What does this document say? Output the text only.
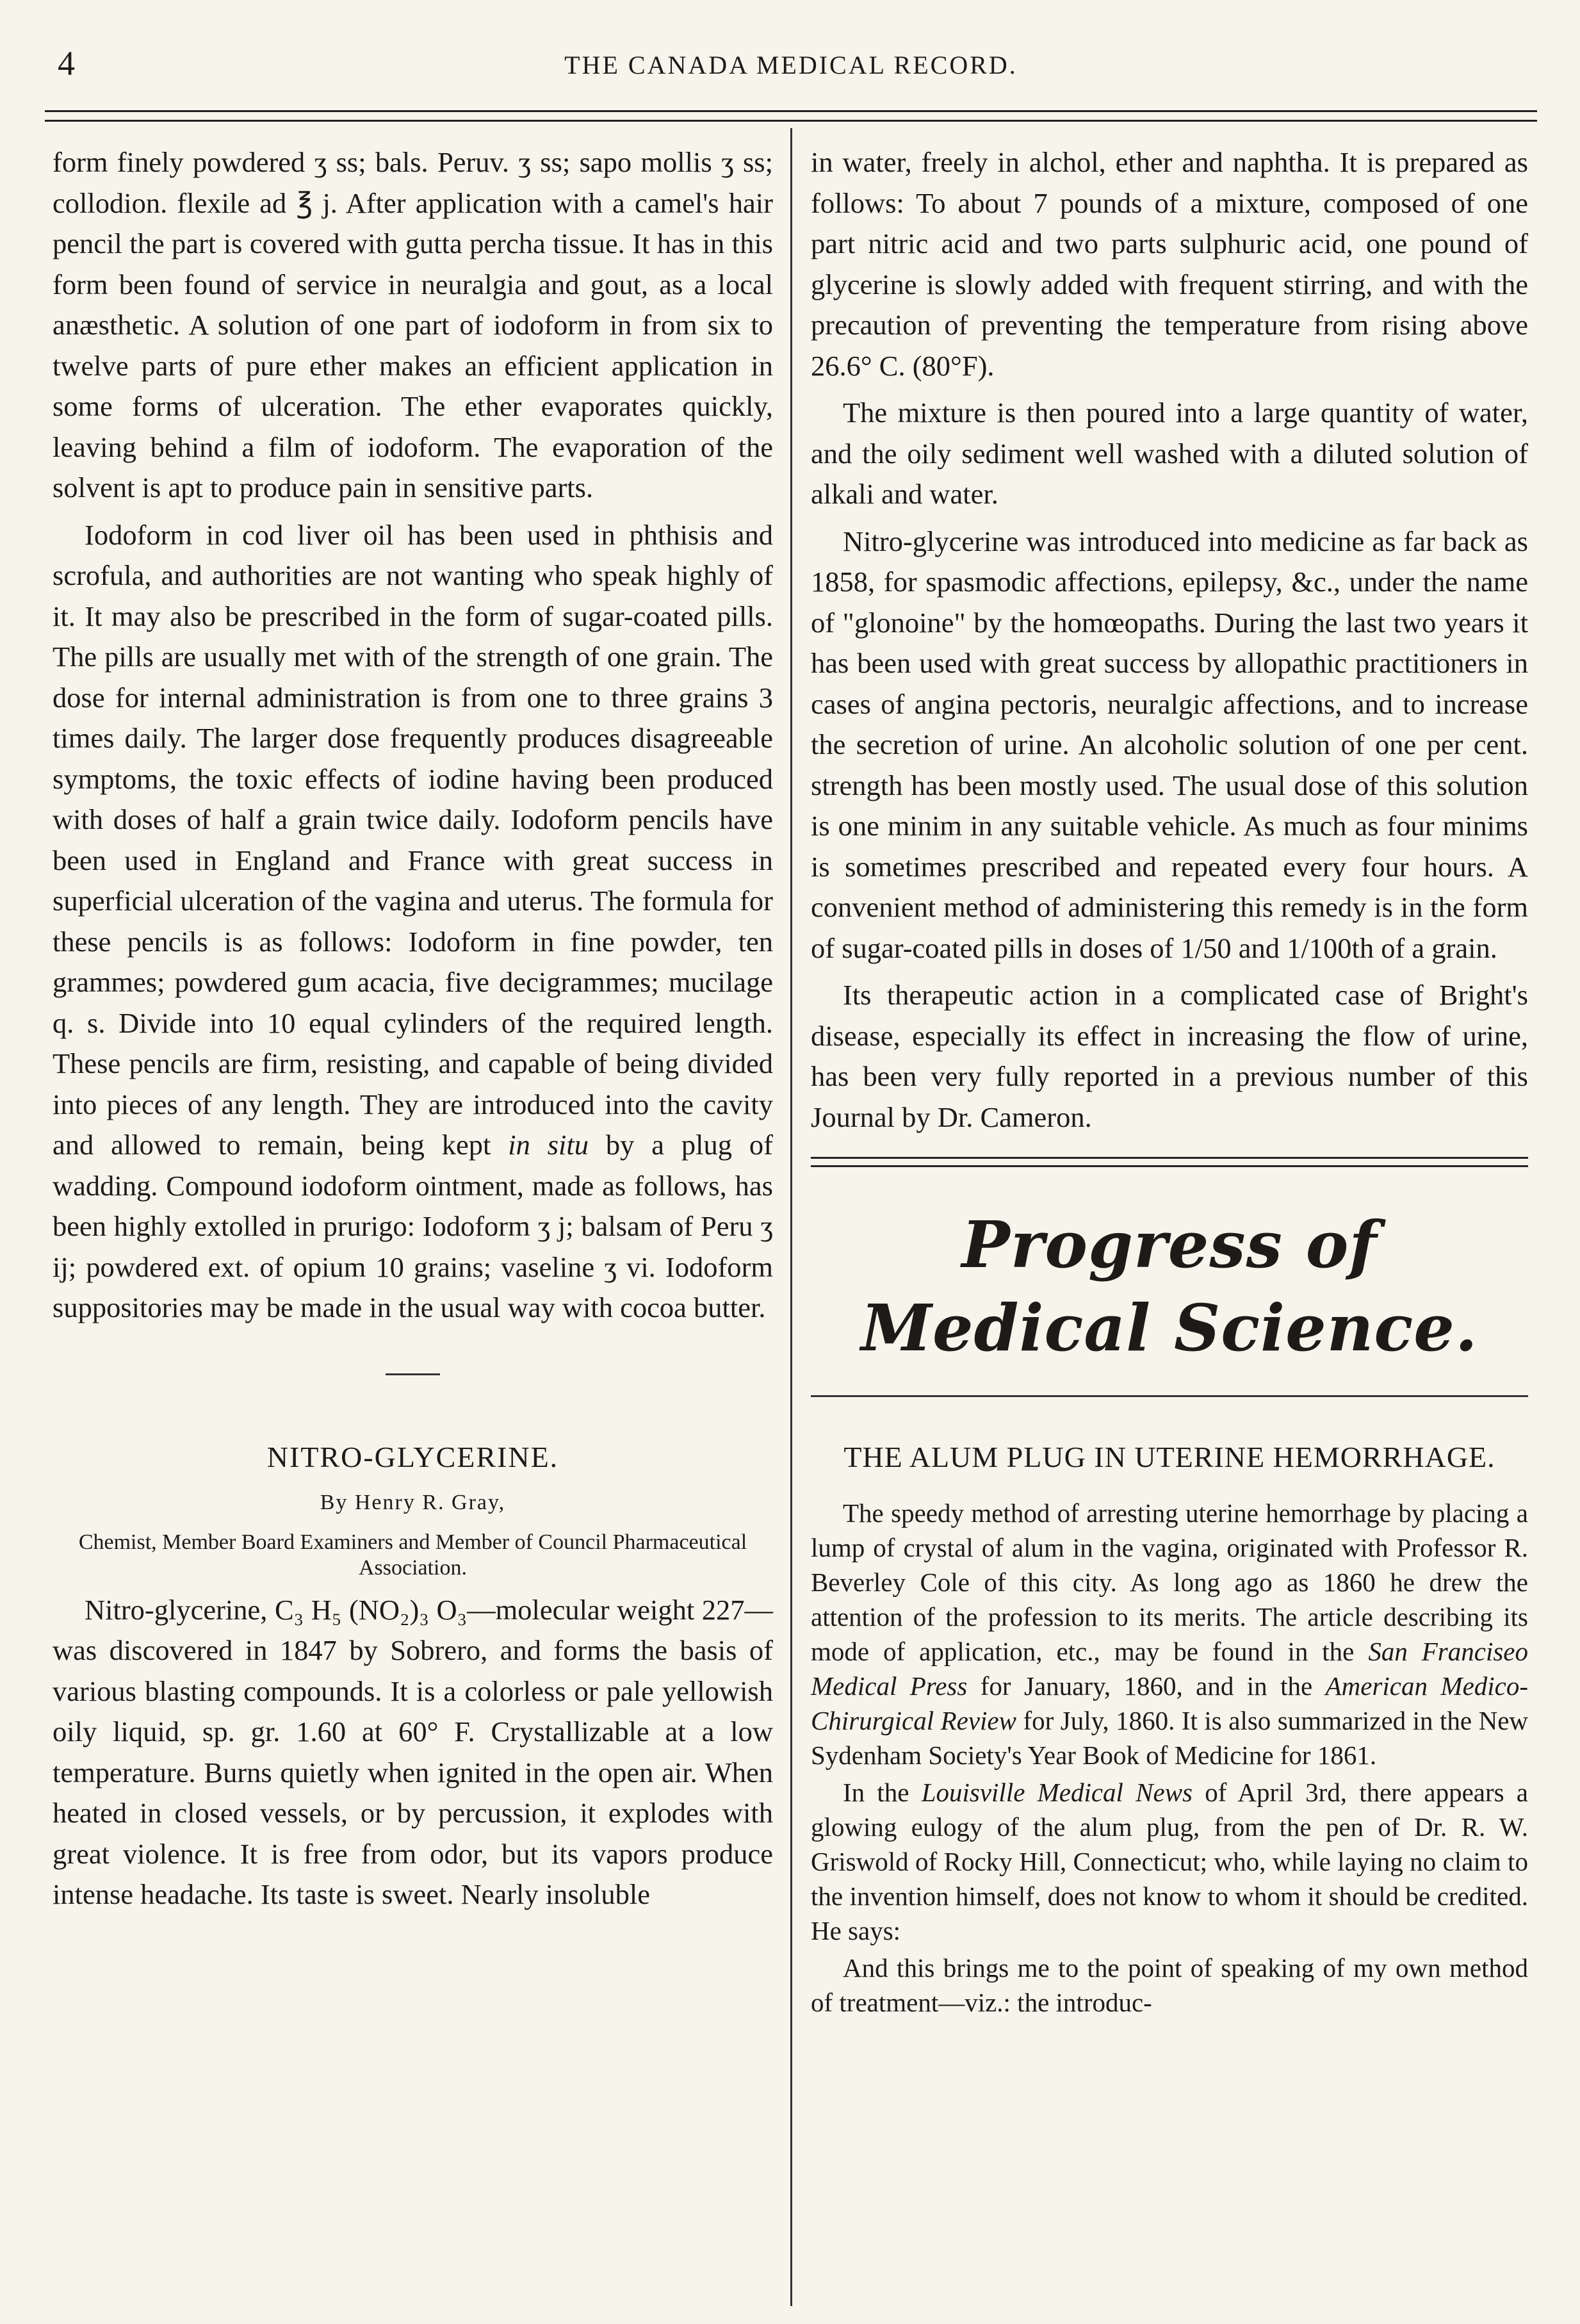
4	THE CANADA MEDICAL RECORD.

form finely powdered ʒ ss; bals. Peruv. ʒ ss; sapo mollis ʒ ss; collodion. flexile ad ℥ j. After application with a camel's hair pencil the part is covered with gutta percha tissue. It has in this form been found of service in neuralgia and gout, as a local anæsthetic. A solution of one part of iodoform in from six to twelve parts of pure ether makes an efficient application in some forms of ulceration. The ether evaporates quickly, leaving behind a film of iodoform. The evaporation of the solvent is apt to produce pain in sensitive parts.

Iodoform in cod liver oil has been used in phthisis and scrofula, and authorities are not wanting who speak highly of it. It may also be prescribed in the form of sugar-coated pills. The pills are usually met with of the strength of one grain. The dose for internal administration is from one to three grains 3 times daily. The larger dose frequently produces disagreeable symptoms, the toxic effects of iodine having been produced with doses of half a grain twice daily. Iodoform pencils have been used in England and France with great success in superficial ulceration of the vagina and uterus. The formula for these pencils is as follows: Iodoform in fine powder, ten grammes; powdered gum acacia, five decigrammes; mucilage q. s. Divide into 10 equal cylinders of the required length. These pencils are firm, resisting, and capable of being divided into pieces of any length. They are introduced into the cavity and allowed to remain, being kept in situ by a plug of wadding. Compound iodoform ointment, made as follows, has been highly extolled in prurigo: Iodoform ʒ j; balsam of Peru ʒ ij; powdered ext. of opium 10 grains; vaseline ʒ vi. Iodoform suppositories may be made in the usual way with cocoa butter.

NITRO-GLYCERINE.
By Henry R. Gray,
Chemist, Member Board Examiners and Member of Council Pharmaceutical Association.

Nitro-glycerine, C₃ H₅ (NO₂)₃ O₃—molecular weight 227—was discovered in 1847 by Sobrero, and forms the basis of various blasting compounds. It is a colorless or pale yellowish oily liquid, sp. gr. 1.60 at 60° F. Crystallizable at a low temperature. Burns quietly when ignited in the open air. When heated in closed vessels, or by percussion, it explodes with great violence. It is free from odor, but its vapors produce intense headache. Its taste is sweet. Nearly insoluble

in water, freely in alchol, ether and naphtha. It is prepared as follows: To about 7 pounds of a mixture, composed of one part nitric acid and two parts sulphuric acid, one pound of glycerine is slowly added with frequent stirring, and with the precaution of preventing the temperature from rising above 26.6° C. (80°F).

The mixture is then poured into a large quantity of water, and the oily sediment well washed with a diluted solution of alkali and water.

Nitro-glycerine was introduced into medicine as far back as 1858, for spasmodic affections, epilepsy, &c., under the name of "glonoine" by the homœopaths. During the last two years it has been used with great success by allopathic practitioners in cases of angina pectoris, neuralgic affections, and to increase the secretion of urine. An alcoholic solution of one per cent. strength has been mostly used. The usual dose of this solution is one minim in any suitable vehicle. As much as four minims is sometimes prescribed and repeated every four hours. A convenient method of administering this remedy is in the form of sugar-coated pills in doses of 1/50 and 1/100th of a grain.

Its therapeutic action in a complicated case of Bright's disease, especially its effect in increasing the flow of urine, has been very fully reported in a previous number of this Journal by Dr. Cameron.

Progress of Medical Science.
THE ALUM PLUG IN UTERINE HEMORRHAGE.

The speedy method of arresting uterine hemorrhage by placing a lump of crystal of alum in the vagina, originated with Professor R. Beverley Cole of this city. As long ago as 1860 he drew the attention of the profession to its merits. The article describing its mode of application, etc., may be found in the San Franciseo Medical Press for January, 1860, and in the American Medico-Chirurgical Review for July, 1860. It is also summarized in the New Sydenham Society's Year Book of Medicine for 1861.

In the Louisville Medical News of April 3rd, there appears a glowing eulogy of the alum plug, from the pen of Dr. R. W. Griswold of Rocky Hill, Connecticut; who, while laying no claim to the invention himself, does not know to whom it should be credited. He says:

And this brings me to the point of speaking of my own method of treatment—viz.: the introduc-
